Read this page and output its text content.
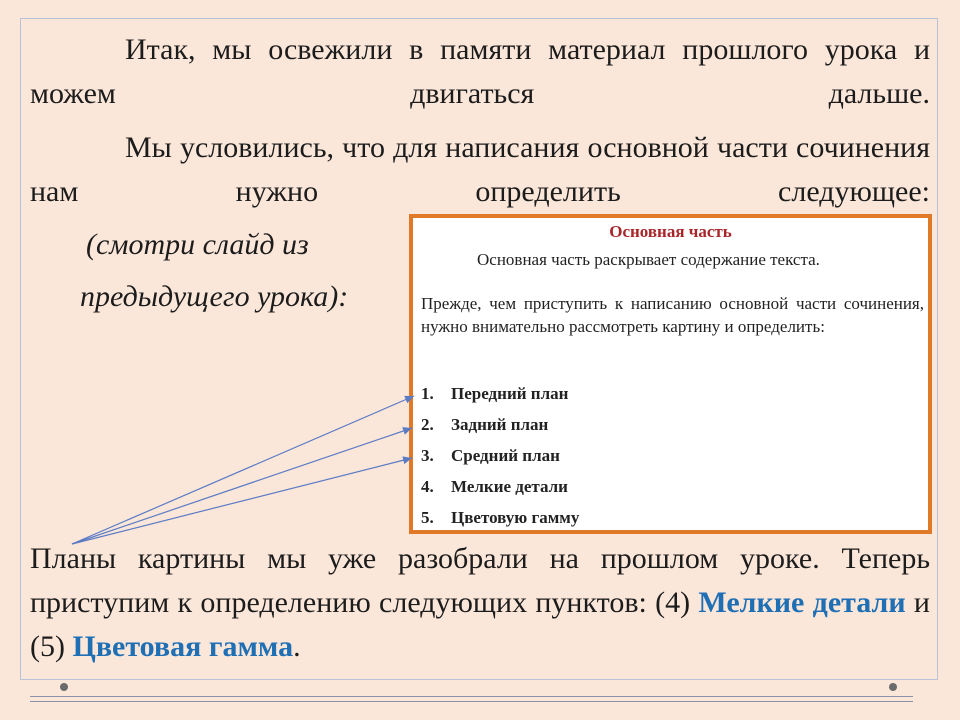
Итак, мы освежили в памяти материал прошлого урока и можем двигаться дальше.

Мы условились, что для написания основной части сочинения нам нужно определить следующее:

(смотри слайд из
предыдущего урока):
Основная часть
Основная часть раскрывает содержание текста.

Прежде, чем приступить к написанию основной части сочинения, нужно внимательно рассмотреть картину и определить:

1. Передний план
2. Задний план
3. Средний план
4. Мелкие детали
5. Цветовую гамму

Планы картины мы уже разобрали на прошлом уроке. Теперь приступим к определению следующих пунктов: (4) Мелкие детали и (5) Цветовая гамма.
